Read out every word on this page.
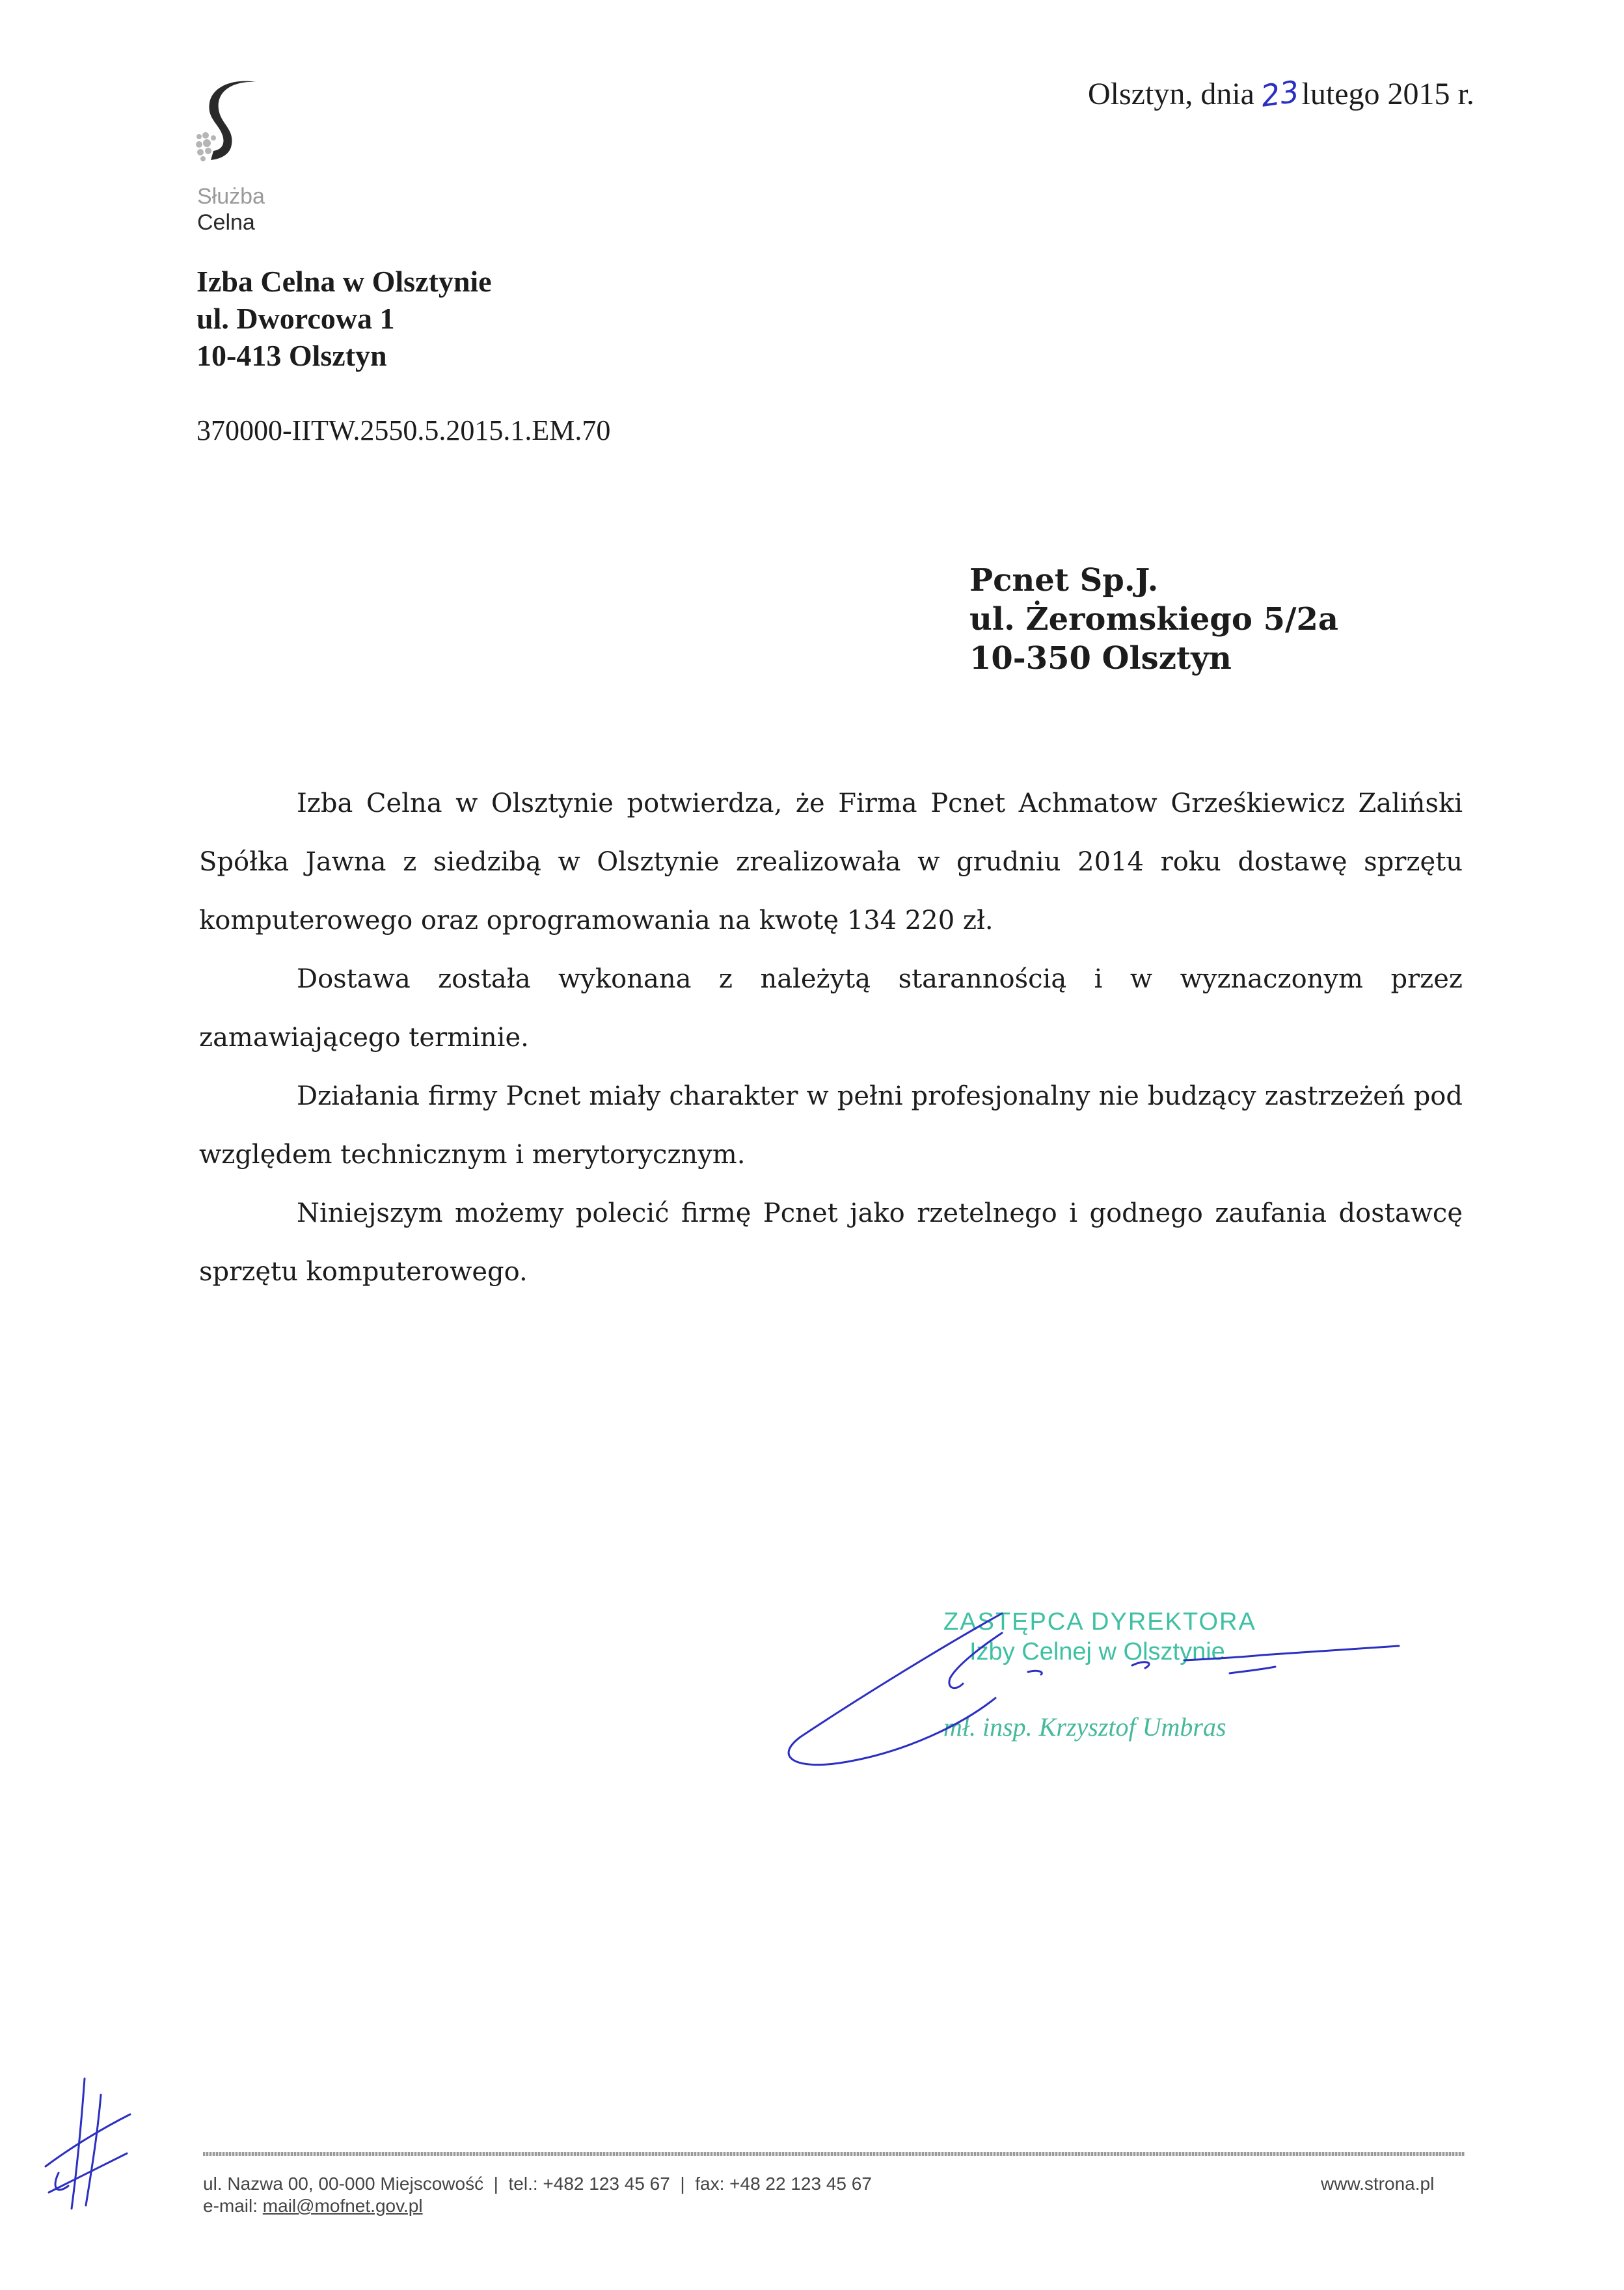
Służba
Celna
Olsztyn, dnia 23lutego 2015 r.
Izba Celna w Olsztynie
ul. Dworcowa 1
10-413 Olsztyn
370000-IITW.2550.5.2015.1.EM.70
Pcnet Sp.J.
ul. Żeromskiego 5/2a
10-350 Olsztyn

Izba Celna w Olsztynie potwierdza, że Firma Pcnet Achmatow Grześkiewicz Zaliński Spółka Jawna z siedzibą w Olsztynie zrealizowała w grudniu 2014 roku dostawę sprzętu komputerowego oraz oprogramowania na kwotę 134 220 zł.

Dostawa została wykonana z należytą starannością i w wyznaczonym przez zamawiającego terminie.

Działania firmy Pcnet miały charakter w pełni profesjonalny nie budzący zastrzeżeń pod względem technicznym i merytorycznym.

Niniejszym możemy polecić firmę Pcnet jako rzetelnego i godnego zaufania dostawcę sprzętu komputerowego.

ZASTĘPCA DYREKTORA
Izby Celnej w Olsztynie
mł. insp. Krzysztof Umbras
ul. Nazwa 00, 00-000 Miejscowość  |  tel.: +482 123 45 67  |  fax: +48 22 123 45 67
e-mail: mail@mofnet.gov.pl
www.strona.pl
